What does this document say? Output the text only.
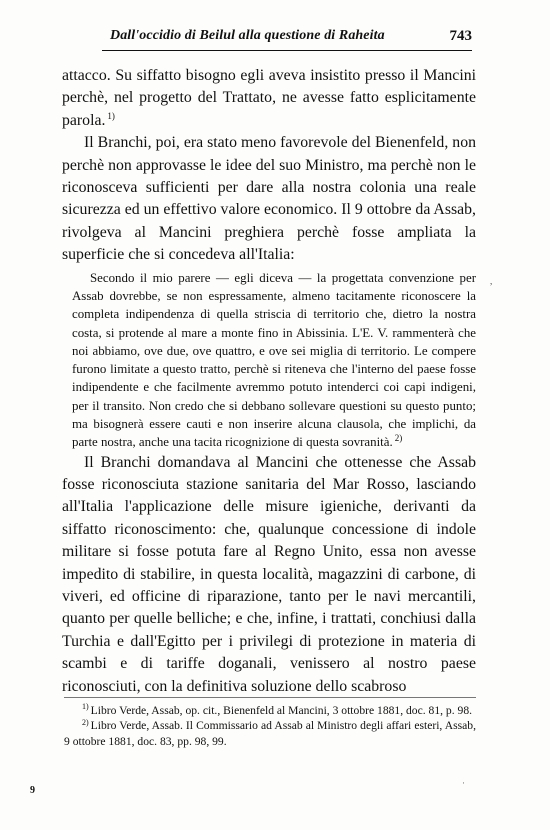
Dall'occidio di Beilul alla questione di Raheita	743

attacco. Su siffatto bisogno egli aveva insistito presso il Mancini perchè, nel progetto del Trattato, ne avesse fatto esplicitamente parola. $^{1)}$

Il Branchi, poi, era stato meno favorevole del Bienenfeld, non perchè non approvasse le idee del suo Ministro, ma perchè non le riconosceva sufficienti per dare alla nostra colonia una reale sicurezza ed un effettivo valore economico. Il 9 ottobre da Assab, rivolgeva al Mancini preghiera perchè fosse ampliata la superficie che si concedeva all'Italia:

Secondo il mio parere — egli diceva — la progettata convenzione per Assab dovrebbe, se non espressamente, almeno tacitamente riconoscere la completa indipendenza di quella striscia di territorio che, dietro la nostra costa, si protende al mare a monte fino in Abissinia. L'E. V. rammenterà che noi abbiamo, ove due, ove quattro, e ove sei miglia di territorio. Le compere furono limitate a questo tratto, perchè si riteneva che l'interno del paese fosse indipendente e che facilmente avremmo potuto intenderci coi capi indigeni, per il transito. Non credo che si debbano sollevare questioni su questo punto; ma bisognerà essere cauti e non inserire alcuna clausola, che implichi, da parte nostra, anche una tacita ricognizione di questa sovranità. $^{2)}$

Il Branchi domandava al Mancini che ottenesse che Assab fosse riconosciuta stazione sanitaria del Mar Rosso, lasciando all'Italia l'applicazione delle misure igieniche, derivanti da siffatto riconoscimento: che, qualunque concessione di indole militare si fosse potuta fare al Regno Unito, essa non avesse impedito di stabilire, in questa località, magazzini di carbone, di viveri, ed officine di riparazione, tanto per le navi mercantili, quanto per quelle belliche; e che, infine, i trattati, conchiusi dalla Turchia e dall'Egitto per i privilegi di protezione in materia di scambi e di tariffe doganali, venissero al nostro paese riconosciuti, con la definitiva soluzione dello scabroso

$^{1)}$ Libro Verde, Assab, op. cit., Bienenfeld al Mancini, 3 ottobre 1881, doc. 81, p. 98.

$^{2)}$ Libro Verde, Assab. Il Commissario ad Assab al Ministro degli affari esteri, Assab, 9 ottobre 1881, doc. 83, pp. 98, 99.

9
,
·
